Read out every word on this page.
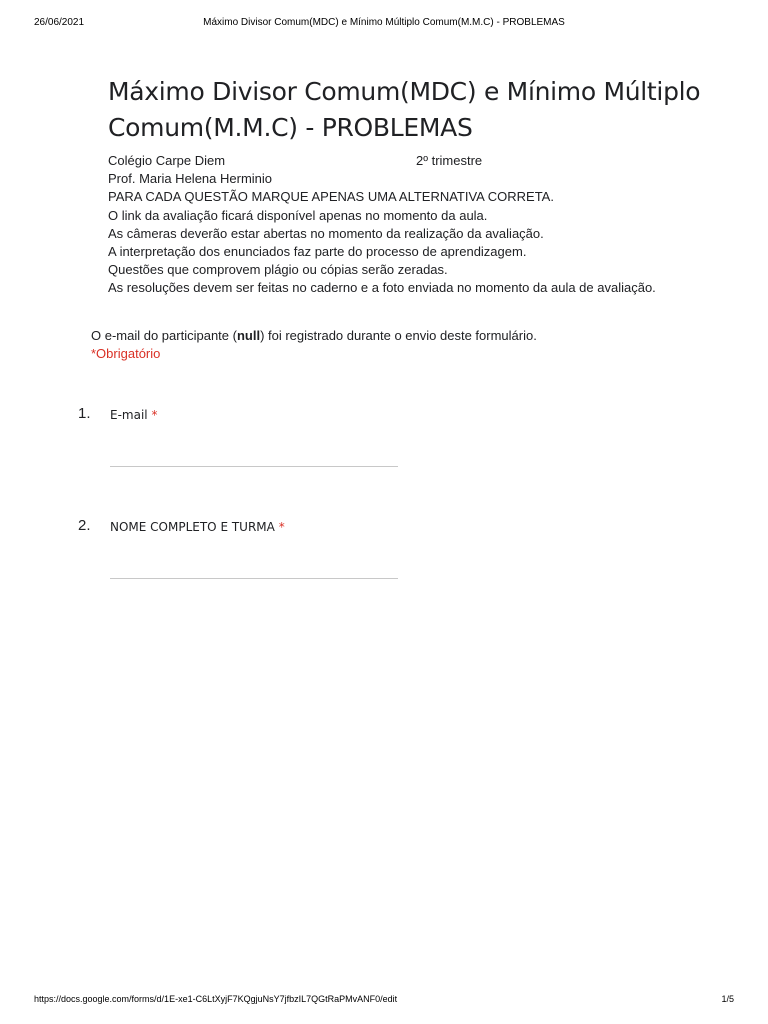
26/06/2021	Máximo Divisor Comum(MDC) e Mínimo Múltiplo Comum(M.M.C) - PROBLEMAS
Máximo Divisor Comum(MDC) e Mínimo Múltiplo Comum(M.M.C) - PROBLEMAS
Colégio Carpe Diem	2º trimestre
Prof. Maria Helena Herminio
PARA CADA QUESTÃO MARQUE APENAS UMA ALTERNATIVA CORRETA.
O link da avaliação ficará disponível apenas no momento da aula.
As câmeras deverão estar abertas no momento da realização da avaliação.
A interpretação dos enunciados faz parte do processo de aprendizagem.
Questões que comprovem plágio ou cópias serão zeradas.
As resoluções devem ser feitas no caderno e a foto enviada no momento da aula de avaliação.
O e-mail do participante (null) foi registrado durante o envio deste formulário.
*Obrigatório
1. E-mail *
2. NOME COMPLETO E TURMA *
https://docs.google.com/forms/d/1E-xe1-C6LtXyjF7KQgjuNsY7jfbzIL7QGtRaPMvANF0/edit	1/5
